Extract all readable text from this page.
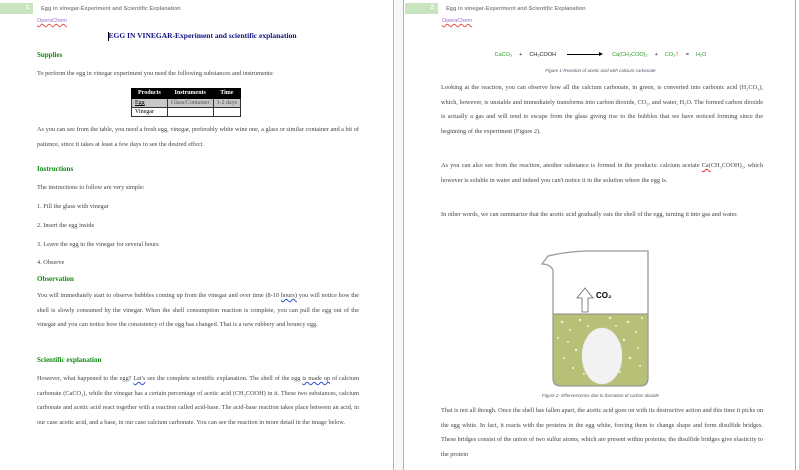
1	Egg in vinegar-Experiment and Scientific Explanation
OperaChem
EGG IN VINEGAR-Experiment and scientific explanation
Supplies
To perform the egg in vinegar experiment you need the following substances and instruments:
Products	Instruments	Time
Egg	Glass/Container	1-2 days
Vinegar		
As you can see from the table, you need a fresh egg, vinegar, preferably white wine one, a glass or similar container and a bit of patience, since it takes at least a few days to see the desired effect.
Instructions
The instructions to follow are very simple:
1. Fill the glass with vinegar
2. Insert the egg inside
3. Leave the egg in the vinegar for several hours
4. Observe
Observation
You will immediately start to observe bubbles coming up from the vinegar and over time (8-10 hours) you will notice how the shell is slowly consumed by the vinegar. When the shell consumption reaction is complete, you can pull the egg out of the vinegar and you can notice how the consistency of the egg has changed. That is a new rubbery and bouncy egg.
Scientific explanation
However, what happened to the egg? Let's see the complete scientific explanation. The shell of the egg is made up of calcium carbonate (CaCO₃), while the vinegar has a certain percentage of acetic acid (CH₃COOH) in it. These two substances, calcium carbonate and acetic acid react together with a reaction called acid-base. The acid-base reaction takes place between an acid, in our case acetic acid, and a base, in our case calcium carbonate. You can see the reaction in more detail in the image below.
2	Egg in vinegar-Experiment and Scientific Explanation
OperaChem
CaCO₃ + CH₃COOH	Ca(CH₃COO)₂ + CO₂↑ = H₂O
Figure 1-Reaction of acetic acid with calcium carbonate
Looking at the reaction, you can observe how all the calcium carbonate, in green, is converted into carbonic acid (H₂CO₃), which, however, is unstable and immediately transforms into carbon dioxide, CO₂, and water, H₂O. The formed carbon dioxide is actually a gas and will tend to escape from the glass giving rise to the bubbles that we have noticed forming since the beginning of the experiment (Figure 2).
As you can also see from the reaction, another substance is formed in the products: calcium acetate Ca(CH₃COOH)₂, which however is soluble in water and indeed you can't notice it in the solution where the egg is.
In other words, we can summarize that the acetic acid gradually eats the shell of the egg, turning it into gas and water.
CO₂
Figure 2- Effervescence due to formation of carbon dioxide
That is not all though. Once the shell has fallen apart, the acetic acid goes on with its destructive action and this time it picks on the egg white. In fact, it reacts with the proteins in the egg white, forcing them to change shape and form disulfide bridges. These bridges consist of the union of two sulfur atoms, which are present within proteins; the disulfide bridges give elasticity to the protein
